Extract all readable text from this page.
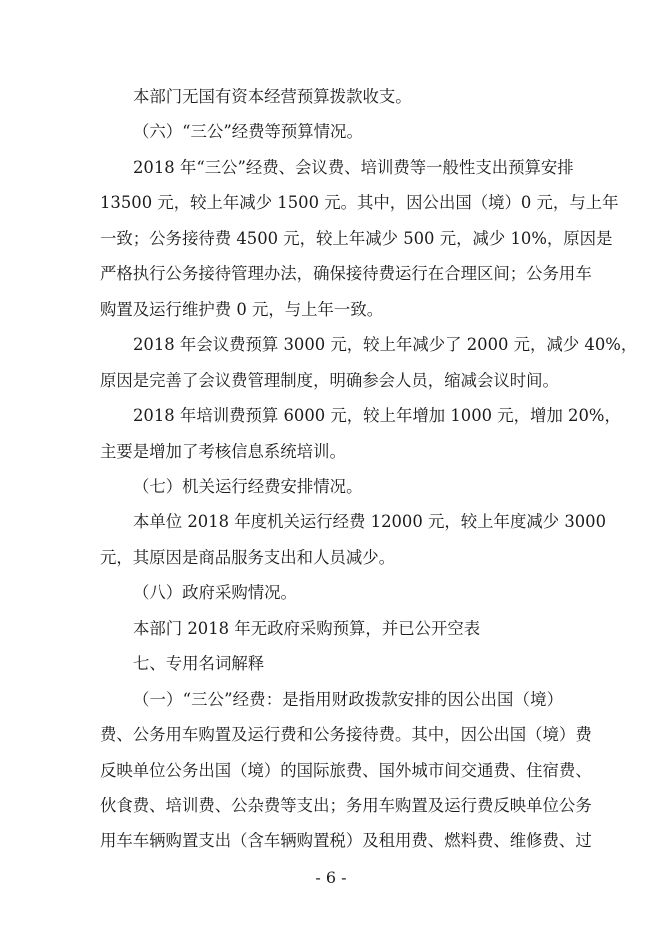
本部门无国有资本经营预算拨款收支。
（六）“三公”经费等预算情况。
2018 年“三公”经费、会议费、培训费等一般性支出预算安排
13500 元，较上年减少 1500 元。其中，因公出国（境）0 元，与上年
一致；公务接待费 4500 元，较上年减少 500 元，减少 10%，原因是
严格执行公务接待管理办法，确保接待费运行在合理区间；公务用车
购置及运行维护费 0 元，与上年一致。
2018 年会议费预算 3000 元，较上年减少了 2000 元，减少 40%，
原因是完善了会议费管理制度，明确参会人员，缩减会议时间。
2018 年培训费预算 6000 元，较上年增加 1000 元，增加 20%，
主要是增加了考核信息系统培训。
（七）机关运行经费安排情况。
本单位 2018 年度机关运行经费 12000 元，较上年度减少 3000
元，其原因是商品服务支出和人员减少。
（八）政府采购情况。
本部门 2018 年无政府采购预算，并已公开空表
七、专用名词解释
（一）“三公”经费：是指用财政拨款安排的因公出国（境）
费、公务用车购置及运行费和公务接待费。其中，因公出国（境）费
反映单位公务出国（境）的国际旅费、国外城市间交通费、住宿费、
伙食费、培训费、公杂费等支出；务用车购置及运行费反映单位公务
用车车辆购置支出（含车辆购置税）及租用费、燃料费、维修费、过
- 6 -
